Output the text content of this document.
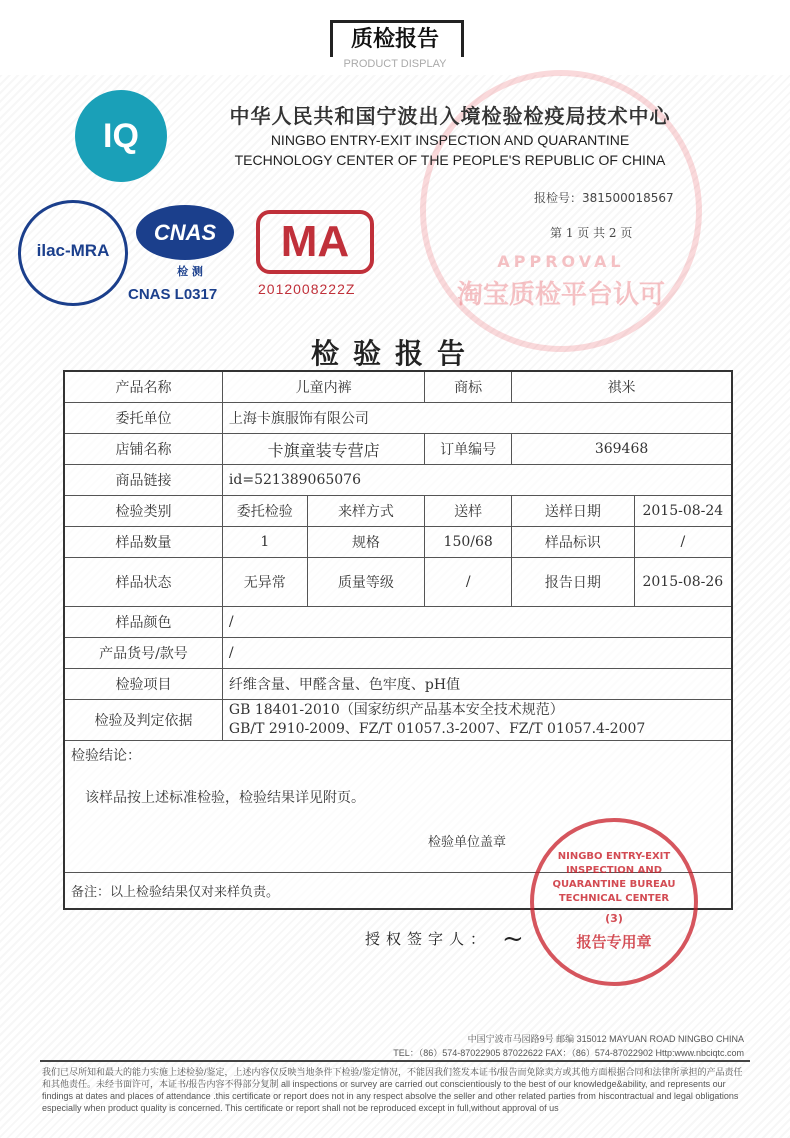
质检报告
PRODUCT DISPLAY
APPROVAL
淘宝质检平台认可
IQ
ilac-MRA
CNAS
检 测
CNAS L0317
MA
2012008222Z
中华人民共和国宁波出入境检验检疫局技术中心
NINGBO ENTRY-EXIT INSPECTION AND QUARANTINE
TECHNOLOGY CENTER OF THE PEOPLE'S REPUBLIC OF CHINA
报检号：381500018567
第 1 页 共 2 页
检验报告
产品名称	儿童内裤		商标	祺米	
委托单位	上海卡旗服饰有限公司				
店铺名称	卡旗童装专营店		订单编号	369468	
商品链接	id=521389065076				
检验类别	委托检验	来样方式	送样	送样日期	2015-08-24
样品数量	1	规格	150/68	样品标识	/
样品状态	无异常	质量等级	/	报告日期	2015-08-26
样品颜色	/				
产品货号/款号	/				
检验项目	纤维含量、甲醛含量、色牢度、pH值				
检验及判定依据	GB 18401-2010（国家纺织产品基本安全技术规范）
GB/T 2910-2009、FZ/T 01057.3-2007、FZ/T 01057.4-2007				

检验结论：
该样品按上述标准检验，检验结果详见附页。
检验单位盖章					

备注：以上检验结果仅对来样负责。					
NINGBO ENTRY-EXIT INSPECTION AND QUARANTINE BUREAU TECHNICAL CENTER
(3)
报告专用章
授权签字人： ~
中国宁波市马园路9号 邮编 315012 MAYUAN ROAD NINGBO CHINA
TEL：（86）574-87022905 87022622 FAX：（86）574-87022902 Http:www.nbciqtc.com
我们已尽所知和最大的能力实施上述检验/鉴定，上述内容仅反映当地条件下检验/鉴定情况，不能因我们签发本证书/报告而免除卖方或其他方面根据合同和法律所承担的产品责任和其他责任。未经书面许可，本证书/报告内容不得部分复制 all inspections or survey are carried out conscientiously to the best of our knowledge&ability, and represents our findings at dates and places of attendance .this certificate or report does not in any respect absolve the seller and other related parties from hiscontractual and legal obligations especially when product quality is concerned. This certificate or report shall not be reproduced except in full,without approval of us
